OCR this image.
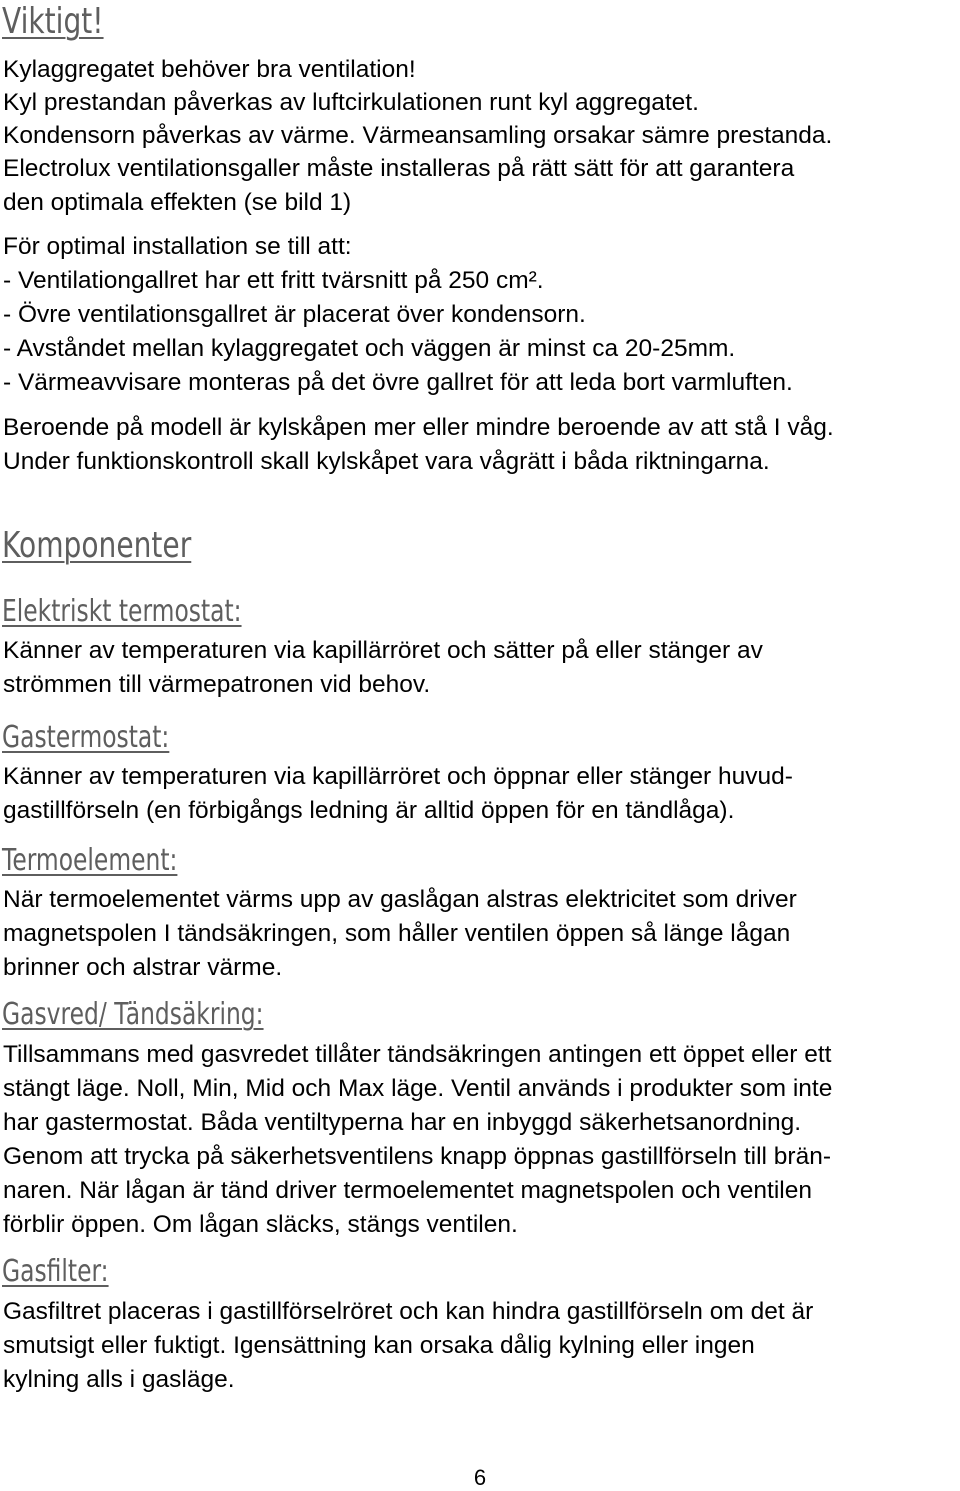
Viktigt!
Kylaggregatet behöver bra ventilation!
Kyl prestandan påverkas av luftcirkulationen runt kyl aggregatet.
Kondensorn påverkas av värme. Värmeansamling orsakar sämre prestanda.
Electrolux ventilationsgaller måste installeras på rätt sätt för att garantera
den optimala effekten (se bild 1)
För optimal installation se till att:
- Ventilationgallret har ett fritt tvärsnitt på 250 cm².
- Övre ventilationsgallret är placerat över kondensorn.
- Avståndet mellan kylaggregatet och väggen är minst ca 20-25mm.
- Värmeavvisare monteras på det övre gallret för att leda bort varmluften.
Beroende på modell är kylskåpen mer eller mindre beroende av att stå I våg.
Under funktionskontroll skall kylskåpet vara vågrätt i båda riktningarna.
Komponenter
Elektriskt termostat:
Känner av temperaturen via kapillärröret och sätter på eller stänger av
strömmen till värmepatronen vid behov.
Gastermostat:
Känner av temperaturen via kapillärröret och öppnar eller stänger huvud-
gastillförseln (en förbigångs ledning är alltid öppen för en tändlåga).
Termoelement:
När termoelementet värms upp av gaslågan alstras elektricitet som driver
magnetspolen I tändsäkringen, som håller ventilen öppen så länge lågan
brinner och alstrar värme.
Gasvred/ Tändsäkring:
Tillsammans med gasvredet tillåter tändsäkringen antingen ett öppet eller ett
stängt läge. Noll, Min, Mid och Max läge. Ventil används i produkter som inte
har gastermostat. Båda ventiltyperna har en inbyggd säkerhetsanordning.
Genom att trycka på säkerhetsventilens knapp öppnas gastillförseln till brän-
naren. När lågan är tänd driver termoelementet magnetspolen och ventilen
förblir öppen. Om lågan släcks, stängs ventilen.
Gasfilter:
Gasfiltret placeras i gastillförselröret och kan hindra gastillförseln om det är
smutsigt eller fuktigt. Igensättning kan orsaka dålig kylning eller ingen
kylning alls i gasläge.
6
